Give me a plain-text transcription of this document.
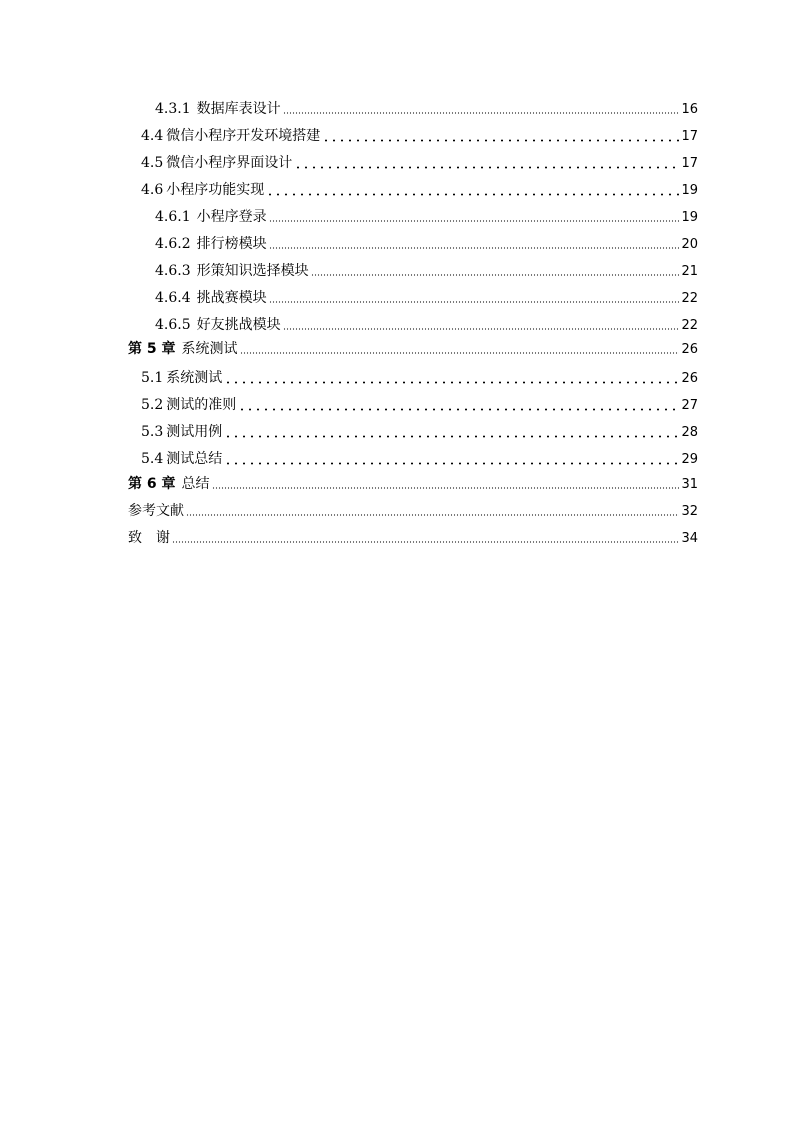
4.3.1 数据库表设计	16
4.4 微信小程序开发环境搭建	17
4.5 微信小程序界面设计	17
4.6 小程序功能实现	19
4.6.1 小程序登录	19
4.6.2 排行榜模块	20
4.6.3 形策知识选择模块	21
4.6.4 挑战赛模块	22
4.6.5 好友挑战模块	22
第 5 章 系统测试	26
5.1 系统测试	26
5.2 测试的准则	27
5.3 测试用例	28
5.4 测试总结	29
第 6 章 总结	31
参考文献	32
致　谢	34
